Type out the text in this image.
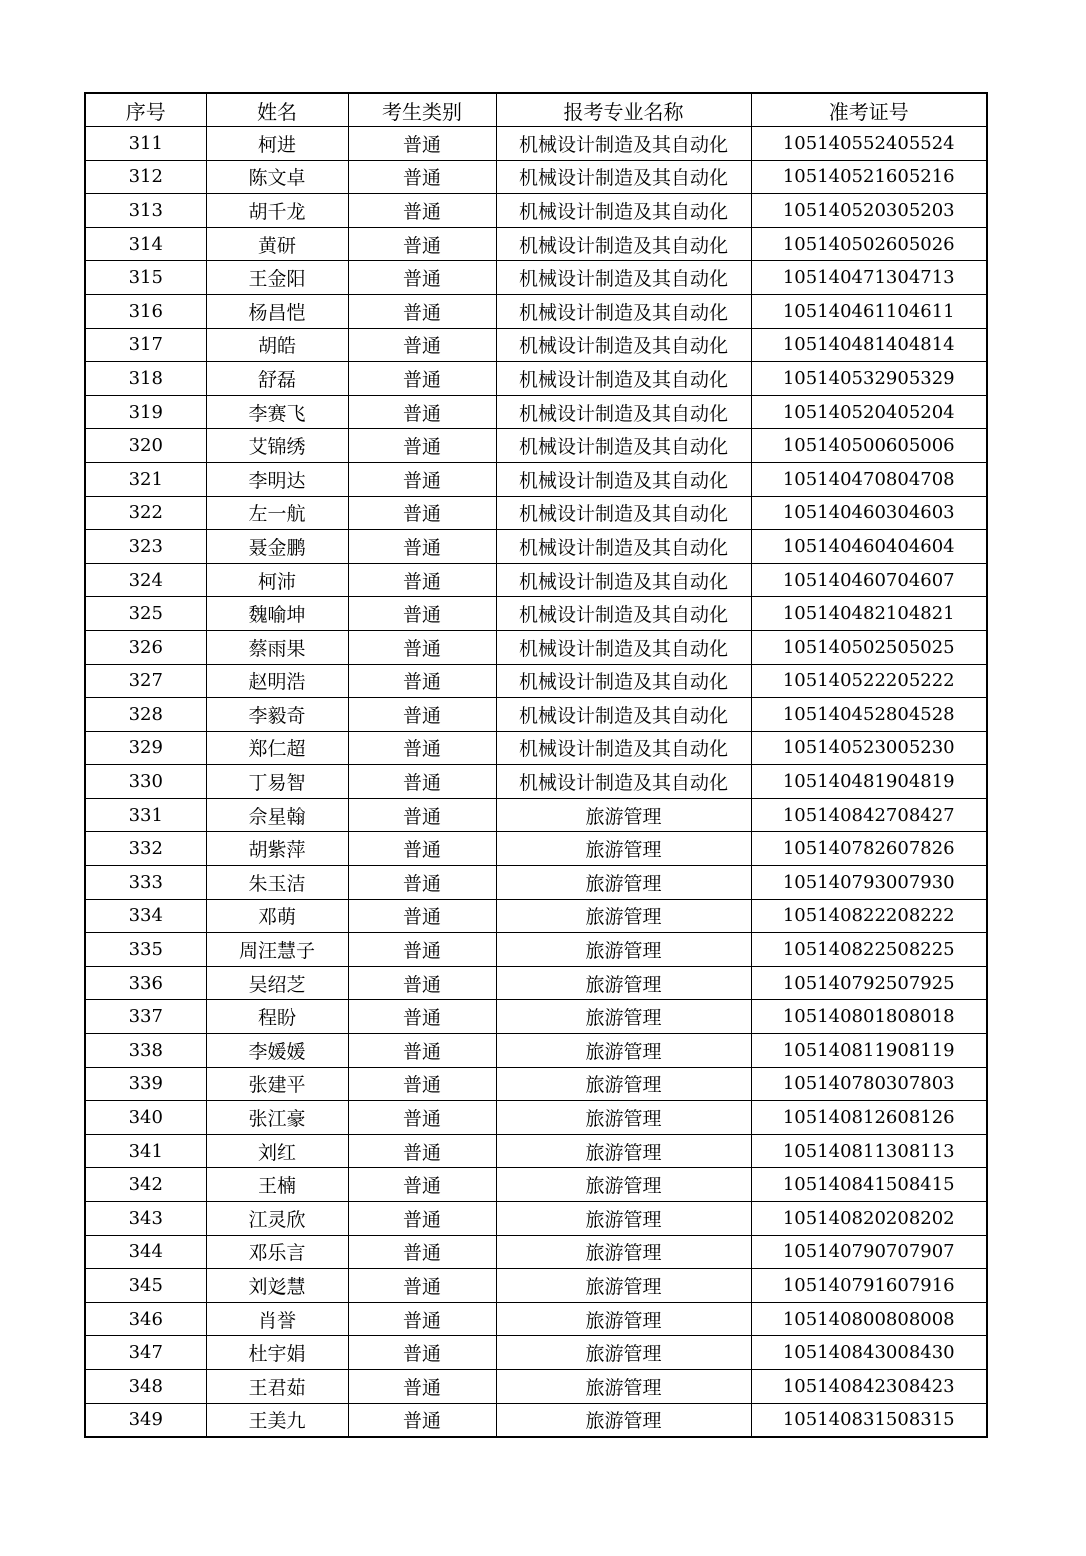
序号	姓名	考生类别	报考专业名称	准考证号
311	柯进	普通	机械设计制造及其自动化	105140552405524
312	陈文卓	普通	机械设计制造及其自动化	105140521605216
313	胡千龙	普通	机械设计制造及其自动化	105140520305203
314	黄研	普通	机械设计制造及其自动化	105140502605026
315	王金阳	普通	机械设计制造及其自动化	105140471304713
316	杨昌恺	普通	机械设计制造及其自动化	105140461104611
317	胡皓	普通	机械设计制造及其自动化	105140481404814
318	舒磊	普通	机械设计制造及其自动化	105140532905329
319	李赛飞	普通	机械设计制造及其自动化	105140520405204
320	艾锦绣	普通	机械设计制造及其自动化	105140500605006
321	李明达	普通	机械设计制造及其自动化	105140470804708
322	左一航	普通	机械设计制造及其自动化	105140460304603
323	聂金鹏	普通	机械设计制造及其自动化	105140460404604
324	柯沛	普通	机械设计制造及其自动化	105140460704607
325	魏喻坤	普通	机械设计制造及其自动化	105140482104821
326	蔡雨果	普通	机械设计制造及其自动化	105140502505025
327	赵明浩	普通	机械设计制造及其自动化	105140522205222
328	李毅奇	普通	机械设计制造及其自动化	105140452804528
329	郑仁超	普通	机械设计制造及其自动化	105140523005230
330	丁易智	普通	机械设计制造及其自动化	105140481904819
331	佘星翰	普通	旅游管理	105140842708427
332	胡紫萍	普通	旅游管理	105140782607826
333	朱玉洁	普通	旅游管理	105140793007930
334	邓萌	普通	旅游管理	105140822208222
335	周汪慧子	普通	旅游管理	105140822508225
336	吴绍芝	普通	旅游管理	105140792507925
337	程盼	普通	旅游管理	105140801808018
338	李媛媛	普通	旅游管理	105140811908119
339	张建平	普通	旅游管理	105140780307803
340	张江豪	普通	旅游管理	105140812608126
341	刘红	普通	旅游管理	105140811308113
342	王楠	普通	旅游管理	105140841508415
343	江灵欣	普通	旅游管理	105140820208202
344	邓乐言	普通	旅游管理	105140790707907
345	刘彣慧	普通	旅游管理	105140791607916
346	肖誉	普通	旅游管理	105140800808008
347	杜宇娟	普通	旅游管理	105140843008430
348	王君茹	普通	旅游管理	105140842308423
349	王美九	普通	旅游管理	105140831508315
